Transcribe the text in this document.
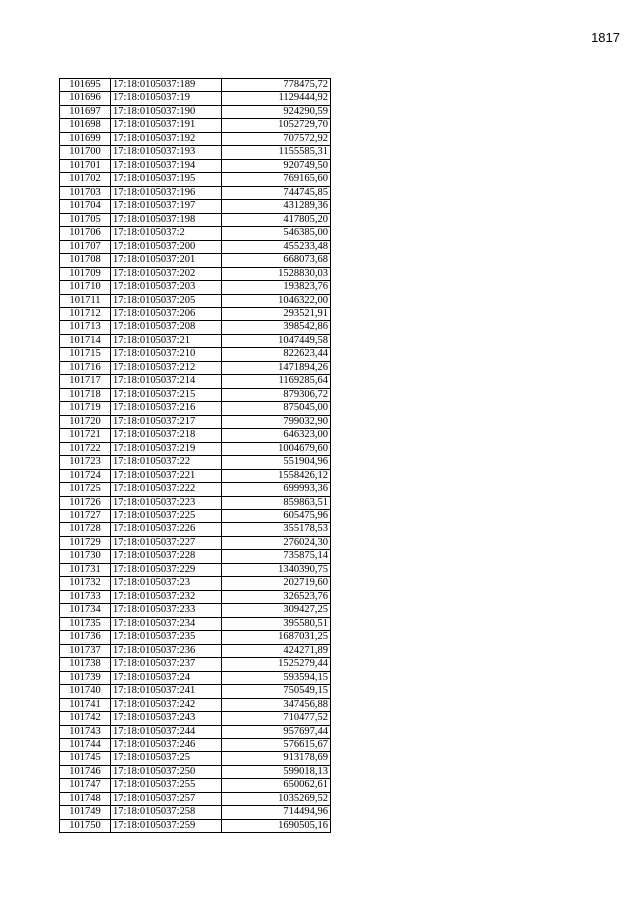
1817
101695	17:18:0105037:189	778475,72
101696	17:18:0105037:19	1129444,92
101697	17:18:0105037:190	924290,59
101698	17:18:0105037:191	1052729,70
101699	17:18:0105037:192	707572,92
101700	17:18:0105037:193	1155585,31
101701	17:18:0105037:194	920749,50
101702	17:18:0105037:195	769165,60
101703	17:18:0105037:196	744745,85
101704	17:18:0105037:197	431289,36
101705	17:18:0105037:198	417805,20
101706	17:18:0105037:2	546385,00
101707	17:18:0105037:200	455233,48
101708	17:18:0105037:201	668073,68
101709	17:18:0105037:202	1528830,03
101710	17:18:0105037:203	193823,76
101711	17:18:0105037:205	1046322,00
101712	17:18:0105037:206	293521,91
101713	17:18:0105037:208	398542,86
101714	17:18:0105037:21	1047449,58
101715	17:18:0105037:210	822623,44
101716	17:18:0105037:212	1471894,26
101717	17:18:0105037:214	1169285,64
101718	17:18:0105037:215	879306,72
101719	17:18:0105037:216	875045,00
101720	17:18:0105037:217	799032,90
101721	17:18:0105037:218	646323,00
101722	17:18:0105037:219	1004679,60
101723	17:18:0105037:22	551904,96
101724	17:18:0105037:221	1558426,12
101725	17:18:0105037:222	699993,36
101726	17:18:0105037:223	859863,51
101727	17:18:0105037:225	605475,96
101728	17:18:0105037:226	355178,53
101729	17:18:0105037:227	276024,30
101730	17:18:0105037:228	735875,14
101731	17:18:0105037:229	1340390,75
101732	17:18:0105037:23	202719,60
101733	17:18:0105037:232	326523,76
101734	17:18:0105037:233	309427,25
101735	17:18:0105037:234	395580,51
101736	17:18:0105037:235	1687031,25
101737	17:18:0105037:236	424271,89
101738	17:18:0105037:237	1525279,44
101739	17:18:0105037:24	593594,15
101740	17:18:0105037:241	750549,15
101741	17:18:0105037:242	347456,88
101742	17:18:0105037:243	710477,52
101743	17:18:0105037:244	957697,44
101744	17:18:0105037:246	576615,67
101745	17:18:0105037:25	913178,69
101746	17:18:0105037:250	599018,13
101747	17:18:0105037:255	650062,61
101748	17:18:0105037:257	1035269,52
101749	17:18:0105037:258	714494,96
101750	17:18:0105037:259	1690505,16
